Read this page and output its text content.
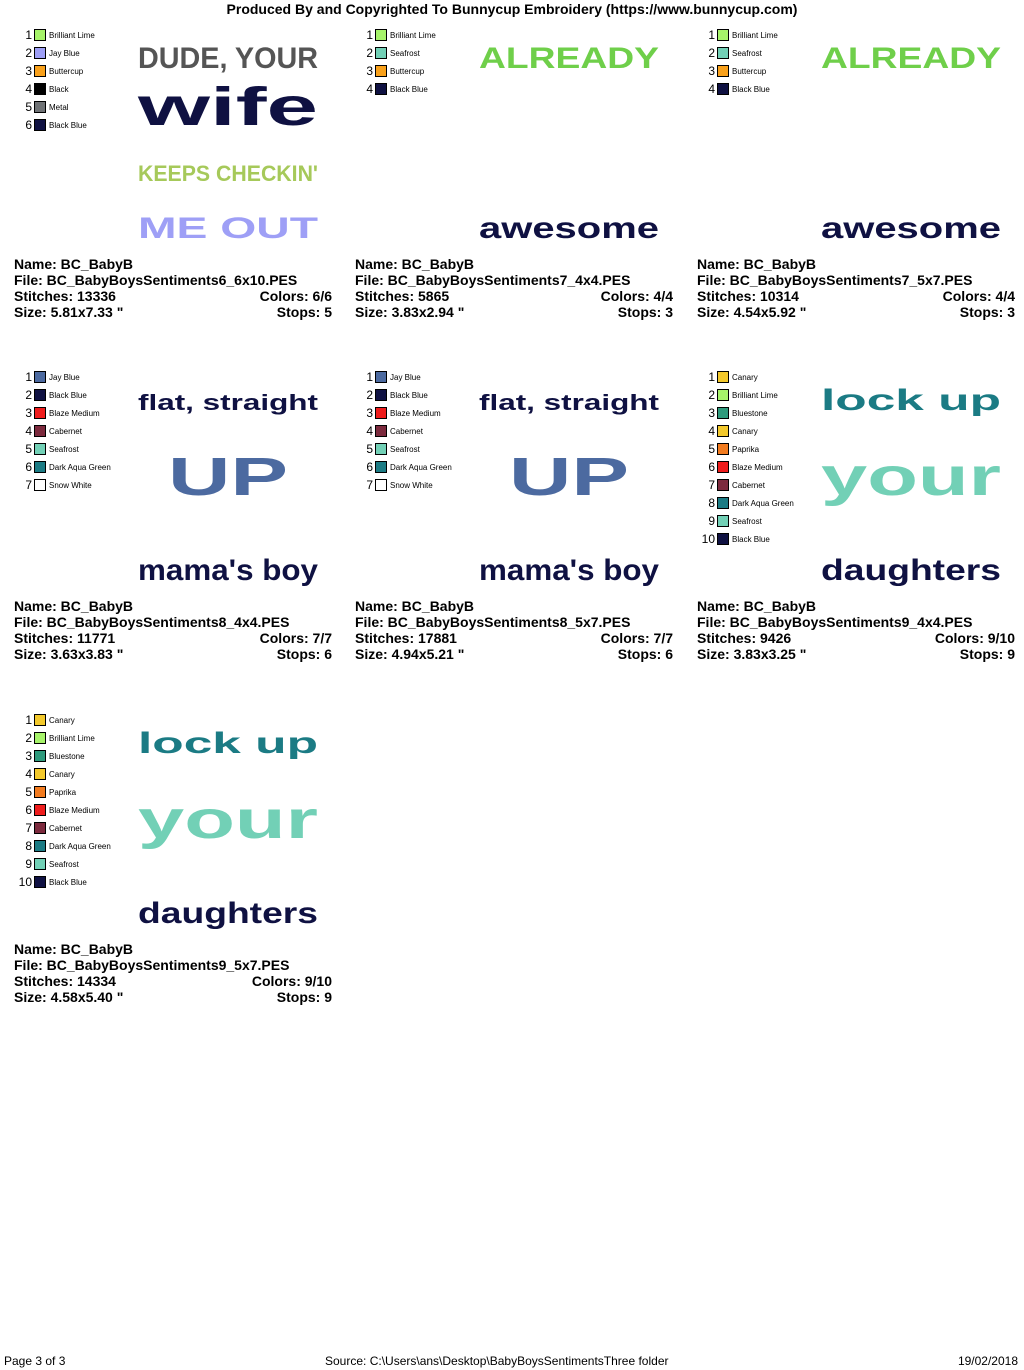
Produced By and Copyrighted To Bunnycup Embroidery (https://www.bunnycup.com)
1 Brilliant Lime
2 Jay Blue
3 Buttercup
4 Black
5 Metal
6 Black Blue
DUDE, YOUR
wife
KEEPS CHECKIN'
ME OUT
Name: BC_BabyB
File: BC_BabyBoysSentiments6_6x10.PES
Stitches: 13336	Colors: 6/6
Size: 5.81x7.33 "	Stops: 5
1 Brilliant Lime
2 Seafrost
3 Buttercup
4 Black Blue
ALREADY
awesome
Name: BC_BabyB
File: BC_BabyBoysSentiments7_4x4.PES
Stitches: 5865	Colors: 4/4
Size: 3.83x2.94 "	Stops: 3
1 Brilliant Lime
2 Seafrost
3 Buttercup
4 Black Blue
ALREADY
awesome
Name: BC_BabyB
File: BC_BabyBoysSentiments7_5x7.PES
Stitches: 10314	Colors: 4/4
Size: 4.54x5.92 "	Stops: 3
1 Jay Blue
2 Black Blue
3 Blaze Medium
4 Cabernet
5 Seafrost
6 Dark Aqua Green
7 Snow White
flat, straight
UP
mama's boy
Name: BC_BabyB
File: BC_BabyBoysSentiments8_4x4.PES
Stitches: 11771	Colors: 7/7
Size: 3.63x3.83 "	Stops: 6
1 Jay Blue
2 Black Blue
3 Blaze Medium
4 Cabernet
5 Seafrost
6 Dark Aqua Green
7 Snow White
flat, straight
UP
mama's boy
Name: BC_BabyB
File: BC_BabyBoysSentiments8_5x7.PES
Stitches: 17881	Colors: 7/7
Size: 4.94x5.21 "	Stops: 6
1 Canary
2 Brilliant Lime
3 Bluestone
4 Canary
5 Paprika
6 Blaze Medium
7 Cabernet
8 Dark Aqua Green
9 Seafrost
10 Black Blue
lock up
your
daughters
Name: BC_BabyB
File: BC_BabyBoysSentiments9_4x4.PES
Stitches: 9426	Colors: 9/10
Size: 3.83x3.25 "	Stops: 9
1 Canary
2 Brilliant Lime
3 Bluestone
4 Canary
5 Paprika
6 Blaze Medium
7 Cabernet
8 Dark Aqua Green
9 Seafrost
10 Black Blue
lock up
your
daughters
Name: BC_BabyB
File: BC_BabyBoysSentiments9_5x7.PES
Stitches: 14334	Colors: 9/10
Size: 4.58x5.40 "	Stops: 9
Page 3 of 3	Source: C:\Users\ans\Desktop\BabyBoysSentimentsThree folder	19/02/2018
